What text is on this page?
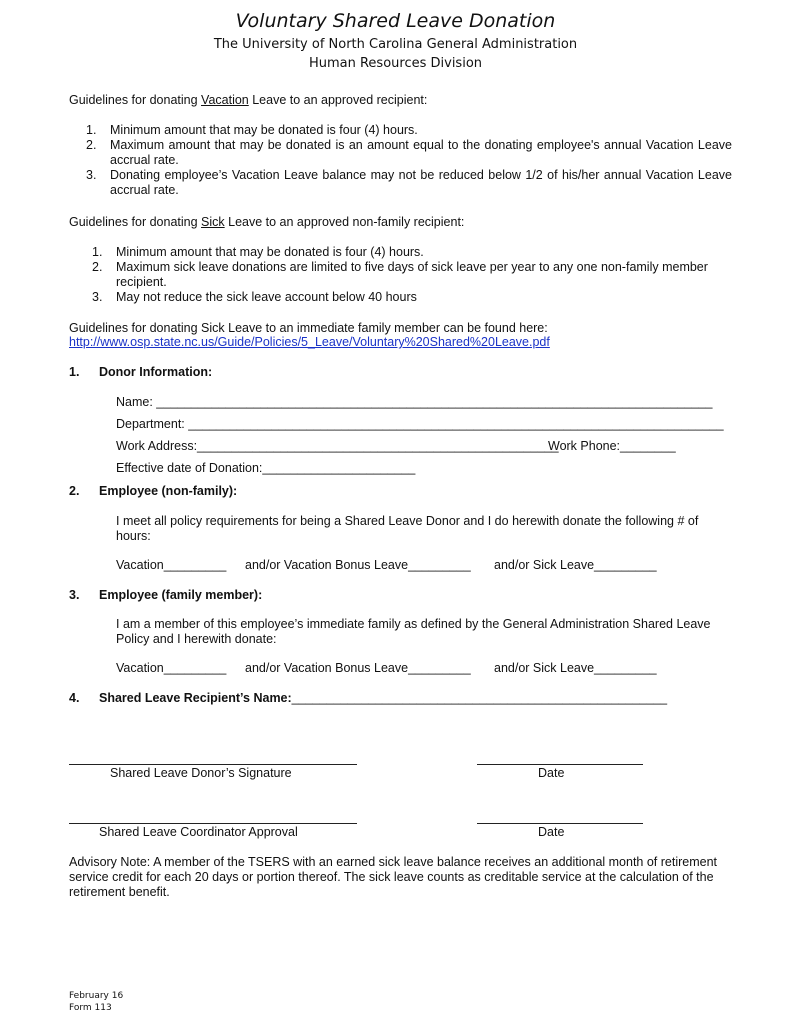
Voluntary Shared Leave Donation
The University of North Carolina General Administration
Human Resources Division
Guidelines for donating Vacation Leave to an approved recipient:
1. Minimum amount that may be donated is four (4) hours.
2. Maximum amount that may be donated is an amount equal to the donating employee's annual Vacation Leave accrual rate.
3. Donating employee’s Vacation Leave balance may not be reduced below 1/2 of his/her annual Vacation Leave accrual rate.
Guidelines for donating Sick Leave to an approved non-family recipient:
1. Minimum amount that may be donated is four (4) hours.
2. Maximum sick leave donations are limited to five days of sick leave per year to any one non-family member recipient.
3. May not reduce the sick leave account below 40 hours
Guidelines for donating Sick Leave to an immediate family member can be found here:
http://www.osp.state.nc.us/Guide/Policies/5_Leave/Voluntary%20Shared%20Leave.pdf
1. Donor Information:
Name: ________________________________________________________________________________
Department: _____________________________________________________________________________
Work Address:____________________________________________________
Work Phone:________
Effective date of Donation:______________________
2. Employee (non-family):
I meet all policy requirements for being a Shared Leave Donor and I do herewith donate the following # of hours:
Vacation_________ and/or Vacation Bonus Leave_________ and/or Sick Leave_________
3. Employee (family member):
I am a member of this employee’s immediate family as defined by the General Administration Shared Leave Policy and I herewith donate:
Vacation_________ and/or Vacation Bonus Leave_________ and/or Sick Leave_________
4. Shared Leave Recipient’s Name:______________________________________________________
Shared Leave Donor’s Signature	Date
Shared Leave Coordinator Approval	Date
Advisory Note: A member of the TSERS with an earned sick leave balance receives an additional month of retirement service credit for each 20 days or portion thereof. The sick leave counts as creditable service at the calculation of the retirement benefit.
February 16
Form 113
